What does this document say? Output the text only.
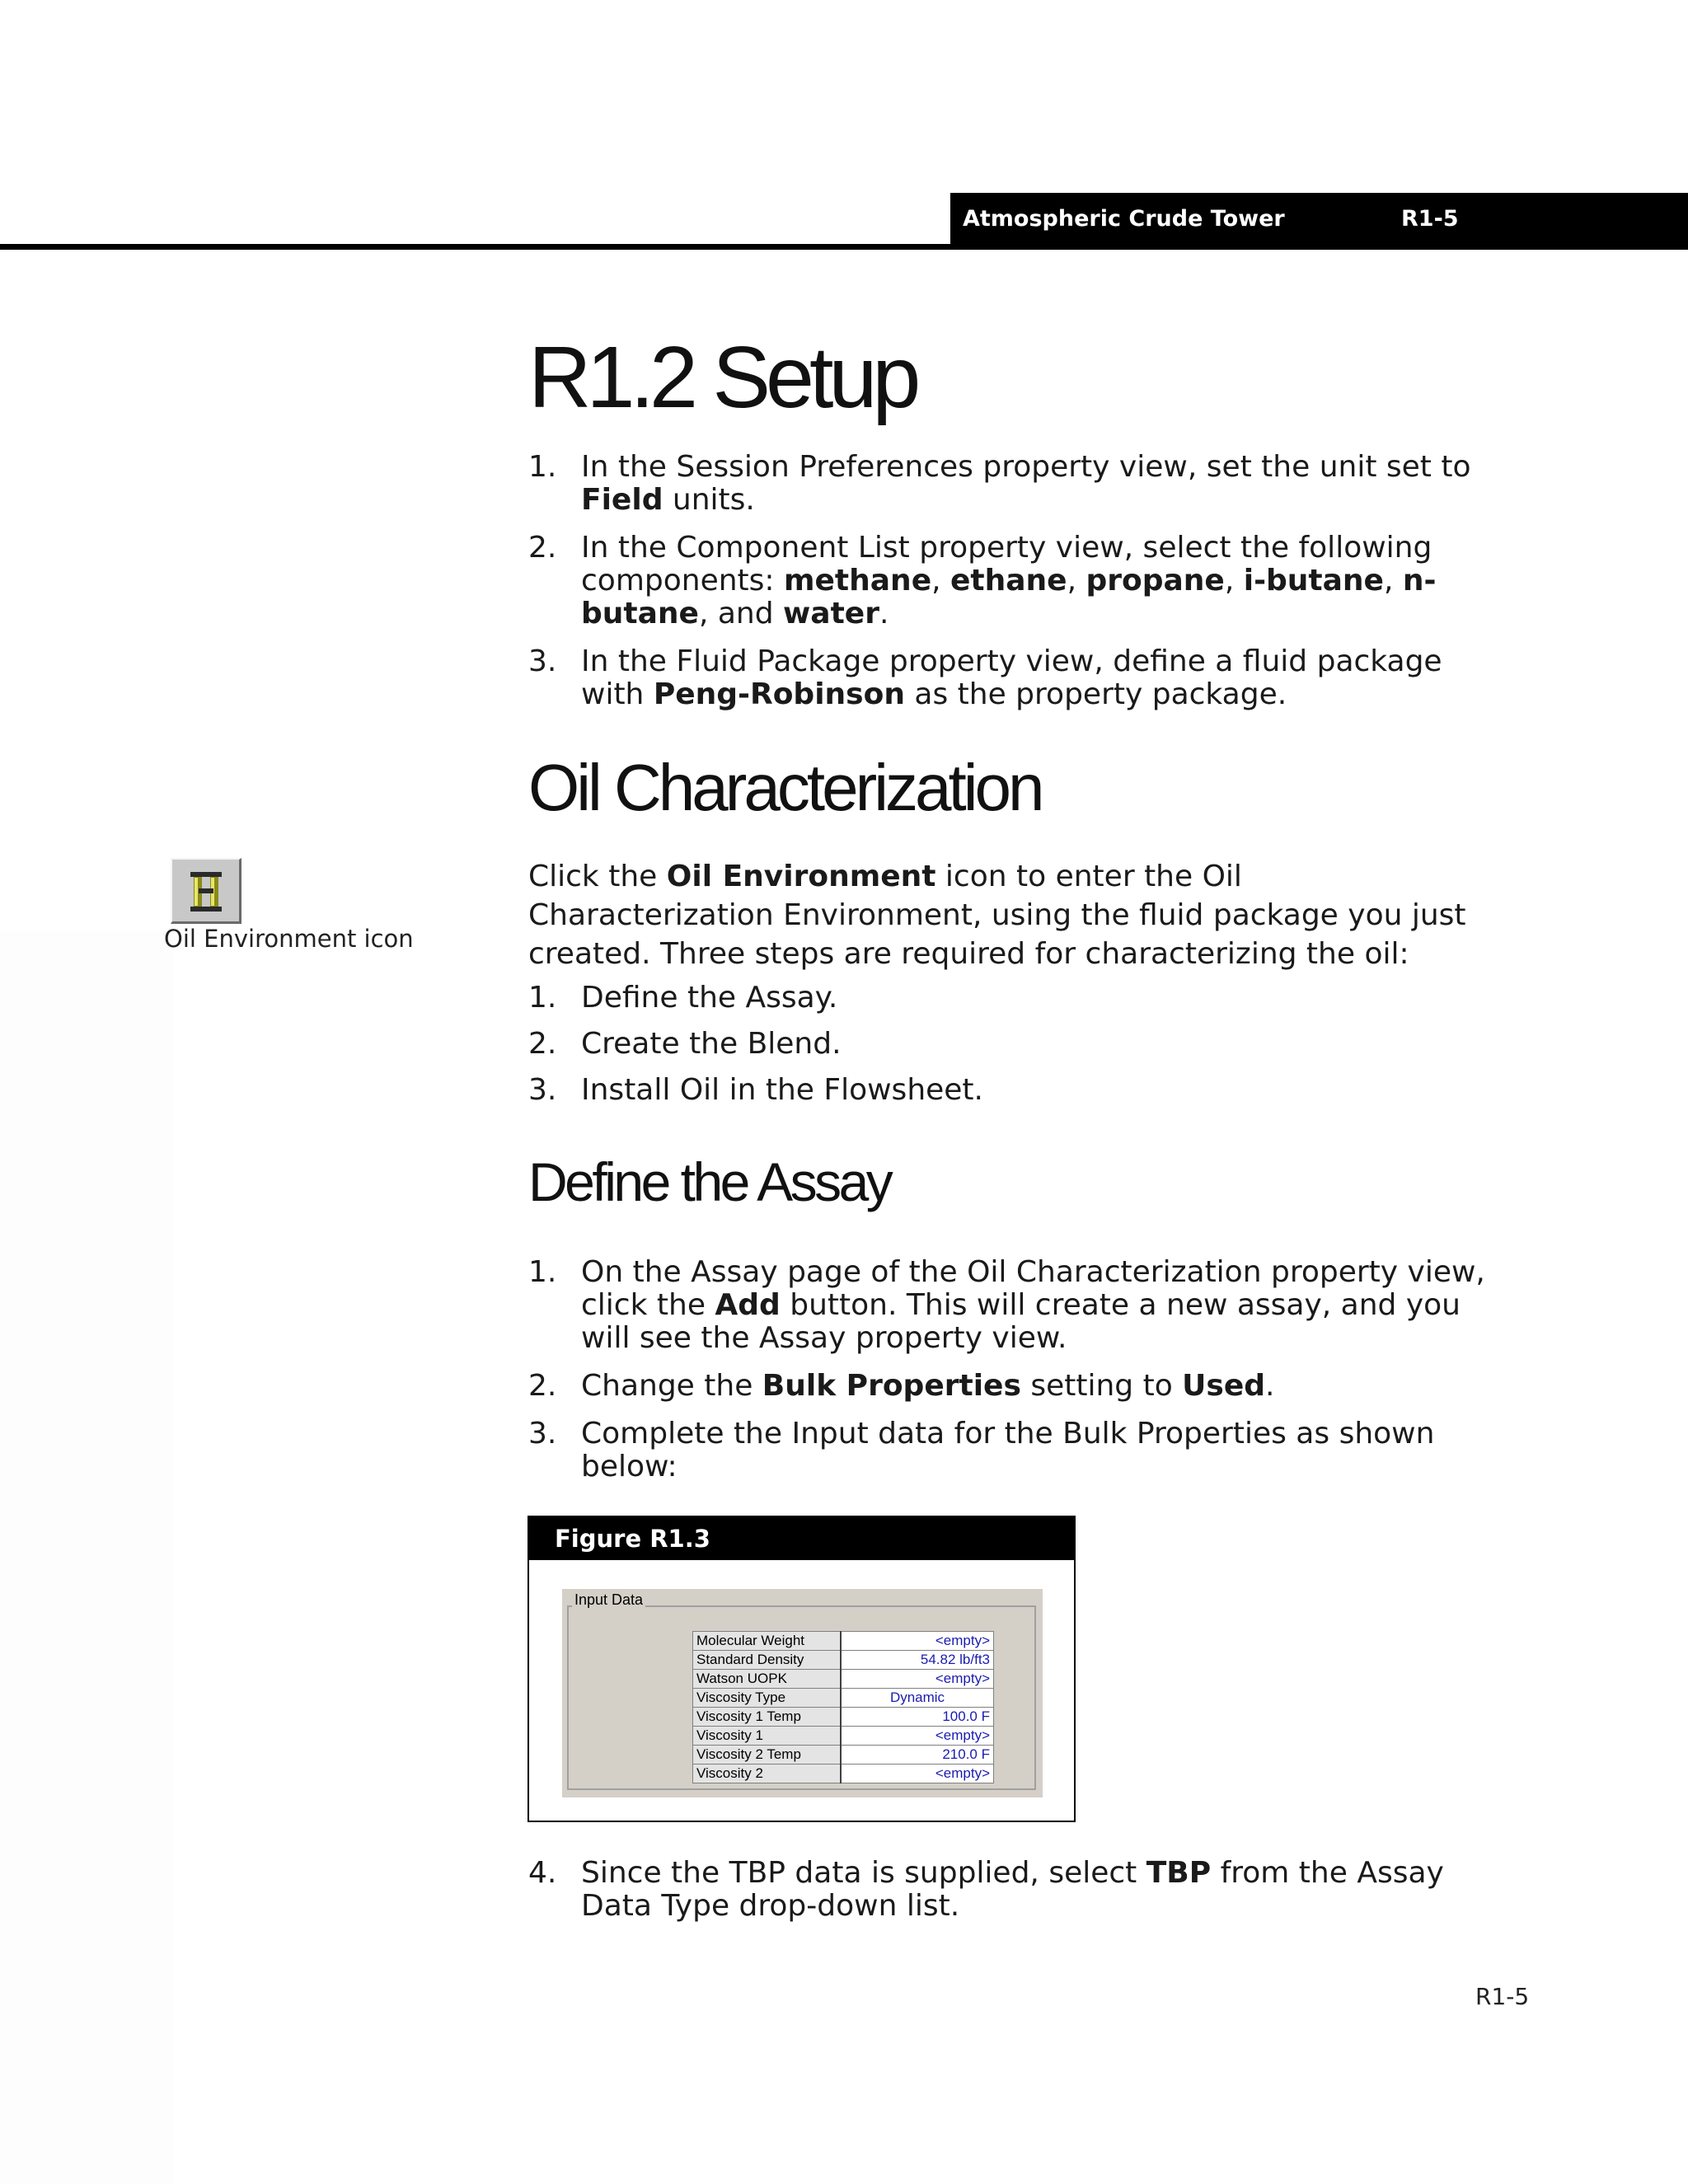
Atmospheric Crude Tower	R1-5
R1.2 Setup
1. In the Session Preferences property view, set the unit set to Field units.
2. In the Component List property view, select the following components: methane, ethane, propane, i-butane, n-butane, and water.
3. In the Fluid Package property view, define a fluid package with Peng-Robinson as the property package.
Oil Characterization
Oil Environment icon

Click the Oil Environment icon to enter the Oil Characterization Environment, using the fluid package you just created. Three steps are required for characterizing the oil:

1. Define the Assay.
2. Create the Blend.
3. Install Oil in the Flowsheet.
Define the Assay
1. On the Assay page of the Oil Characterization property view, click the Add button. This will create a new assay, and you will see the Assay property view.
2. Change the Bulk Properties setting to Used.
3. Complete the Input data for the Bulk Properties as shown below:
Figure R1.3
Input Data
Molecular Weight	<empty>
Standard Density	54.82 lb/ft3
Watson UOPK	<empty>
Viscosity Type	Dynamic
Viscosity 1 Temp	100.0 F
Viscosity 1	<empty>
Viscosity 2 Temp	210.0 F
Viscosity 2	<empty>
4. Since the TBP data is supplied, select TBP from the Assay Data Type drop-down list.
R1-5
